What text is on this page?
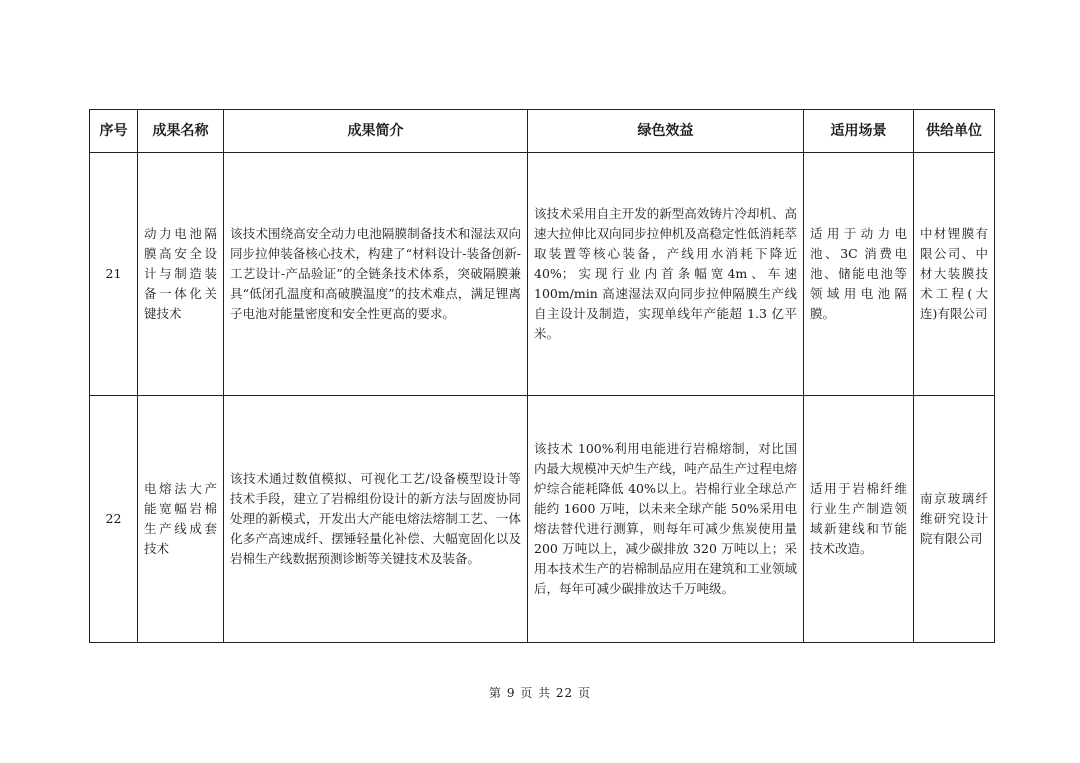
序号	成果名称	成果简介	绿色效益	适用场景	供给单位
21	动力电池隔膜高安全设计与制造装备一体化关键技术	该技术围绕高安全动力电池隔膜制备技术和湿法双向同步拉伸装备核心技术，构建了“材料设计-装备创新-工艺设计-产品验证”的全链条技术体系，突破隔膜兼具“低闭孔温度和高破膜温度”的技术难点，满足锂离子电池对能量密度和安全性更高的要求。	该技术采用自主开发的新型高效铸片冷却机、高速大拉伸比双向同步拉伸机及高稳定性低消耗萃取装置等核心装备，产线用水消耗下降近 40%；实现行业内首条幅宽4m、车速 100m/min 高速湿法双向同步拉伸隔膜生产线自主设计及制造，实现单线年产能超 1.3 亿平米。	适用于动力电池、3C 消费电池、储能电池等领域用电池隔膜。	中材锂膜有限公司、中材大装膜技术工程(大连)有限公司
22	电熔法大产能宽幅岩棉生产线成套技术	该技术通过数值模拟、可视化工艺/设备模型设计等技术手段，建立了岩棉组份设计的新方法与固废协同处理的新模式，开发出大产能电熔法熔制工艺、一体化多产高速成纤、摆锤轻量化补偿、大幅宽固化以及岩棉生产线数据预测诊断等关键技术及装备。	该技术 100%利用电能进行岩棉熔制，对比国内最大规模冲天炉生产线，吨产品生产过程电熔炉综合能耗降低 40%以上。岩棉行业全球总产能约 1600 万吨，以未来全球产能 50%采用电熔法替代进行测算，则每年可减少焦炭使用量 200 万吨以上，减少碳排放 320 万吨以上；采用本技术生产的岩棉制品应用在建筑和工业领域后，每年可减少碳排放达千万吨级。	适用于岩棉纤维行业生产制造领域新建线和节能技术改造。	南京玻璃纤维研究设计院有限公司
第 9 页 共 22 页
